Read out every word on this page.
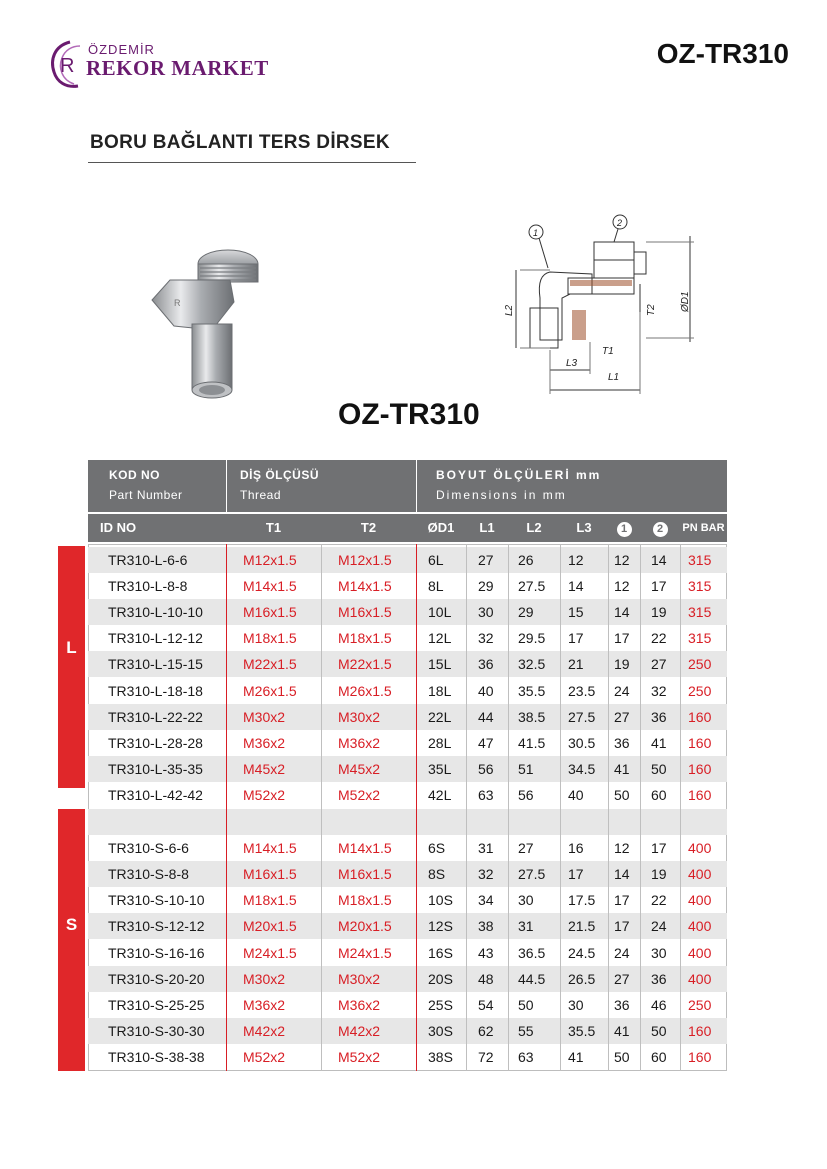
R
ÖZDEMİR
REKOR MARKET	OZ-TR310
BORU BAĞLANTI TERS DİRSEK
R
1
2
L2
L1
L3
T1
T2 ØD1
OZ-TR310
KOD NO
Part Number
DİŞ ÖLÇÜSÜ
Thread
BOYUT ÖLÇÜLERİ mm
Dimensions in mm
ID NO	T1	T2	ØD1	L1	L2	L3	1	2	PN BAR
TR310-L-6-6	M12x1.5	M12x1.5	6L	27	26	12	12	14	315
TR310-L-8-8	M14x1.5	M14x1.5	8L	29	27.5	14	12	17	315
TR310-L-10-10	M16x1.5	M16x1.5	10L	30	29	15	14	19	315
TR310-L-12-12	M18x1.5	M18x1.5	12L	32	29.5	17	17	22	315
TR310-L-15-15	M22x1.5	M22x1.5	15L	36	32.5	21	19	27	250
TR310-L-18-18	M26x1.5	M26x1.5	18L	40	35.5	23.5	24	32	250
TR310-L-22-22	M30x2	M30x2	22L	44	38.5	27.5	27	36	160
TR310-L-28-28	M36x2	M36x2	28L	47	41.5	30.5	36	41	160
TR310-L-35-35	M45x2	M45x2	35L	56	51	34.5	41	50	160
TR310-L-42-42	M52x2	M52x2	42L	63	56	40	50	60	160
TR310-S-6-6	M14x1.5	M14x1.5	6S	31	27	16	12	17	400
TR310-S-8-8	M16x1.5	M16x1.5	8S	32	27.5	17	14	19	400
TR310-S-10-10	M18x1.5	M18x1.5	10S	34	30	17.5	17	22	400
TR310-S-12-12	M20x1.5	M20x1.5	12S	38	31	21.5	17	24	400
TR310-S-16-16	M24x1.5	M24x1.5	16S	43	36.5	24.5	24	30	400
TR310-S-20-20	M30x2	M30x2	20S	48	44.5	26.5	27	36	400
TR310-S-25-25	M36x2	M36x2	25S	54	50	30	36	46	250
TR310-S-30-30	M42x2	M42x2	30S	62	55	35.5	41	50	160
TR310-S-38-38	M52x2	M52x2	38S	72	63	41	50	60	160
L
S
